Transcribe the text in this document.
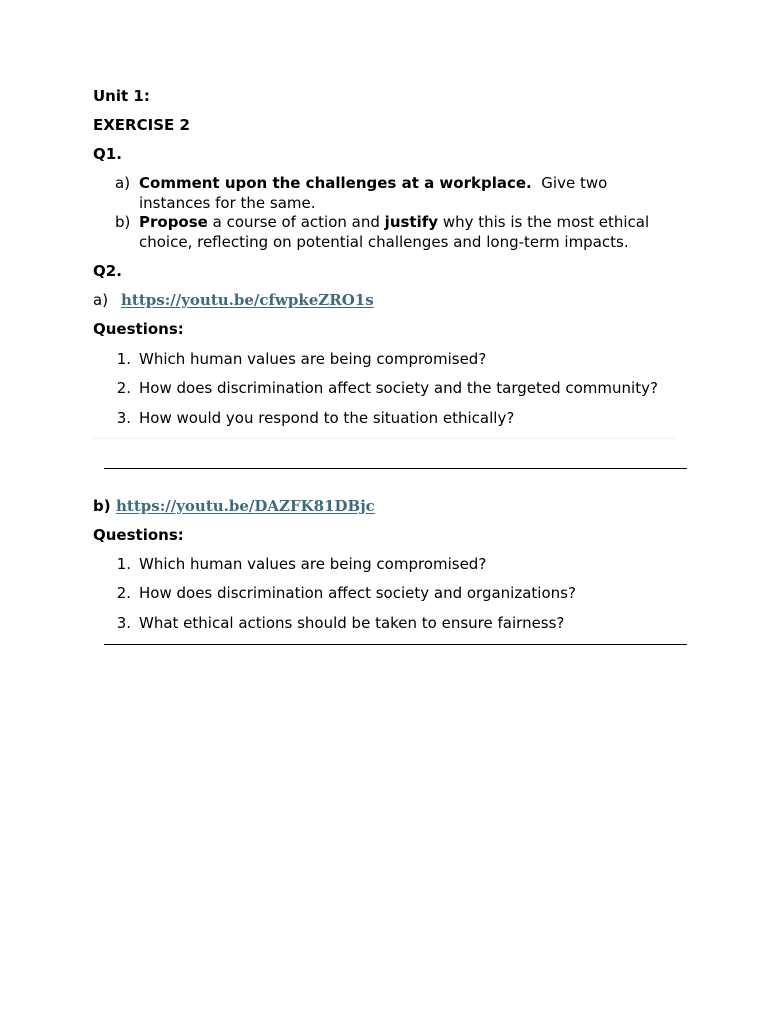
Unit 1:
EXERCISE 2
Q1.
a) Comment upon the challenges at a workplace. Give two
instances for the same.
b) Propose a course of action and justify why this is the most ethical
choice, reflecting on potential challenges and long-term impacts.
Q2.
a) https://youtu.be/cfwpkeZRO1s
Questions:
1. Which human values are being compromised?
2. How does discrimination affect society and the targeted community?
3. How would you respond to the situation ethically?
b) https://youtu.be/DAZFK81DBjc
Questions:
1. Which human values are being compromised?
2. How does discrimination affect society and organizations?
3. What ethical actions should be taken to ensure fairness?
